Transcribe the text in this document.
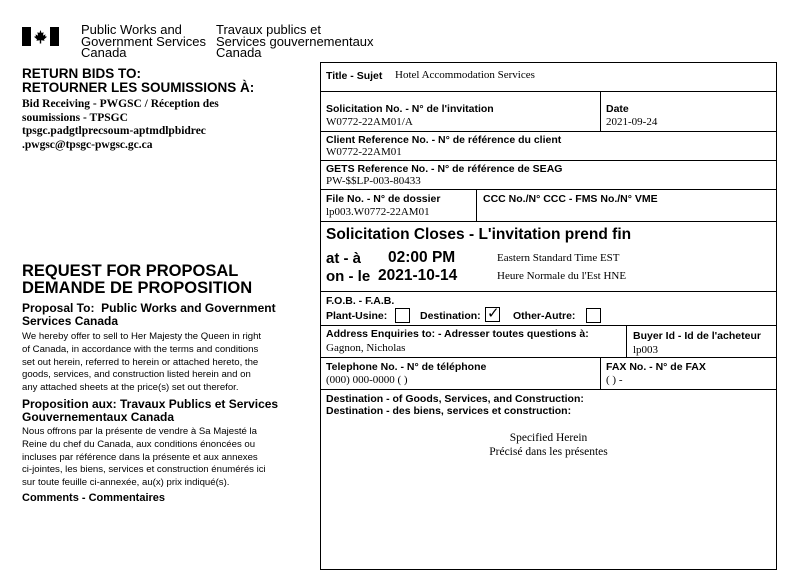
Public Works and
Government Services
Canada
Travaux publics et
Services gouvernementaux
Canada
RETURN BIDS TO:
RETOURNER LES SOUMISSIONS À:
Bid Receiving - PWGSC / Réception des
soumissions - TPSGC
tpsgc.padgtlprecsoum-aptmdlpbidrec
.pwgsc@tpsgc-pwgsc.gc.ca
REQUEST FOR PROPOSAL
DEMANDE DE PROPOSITION
Proposal To: Public Works and Government
Services Canada
We hereby offer to sell to Her Majesty the Queen in right of Canada, in accordance with the terms and conditions set out herein, referred to herein or attached hereto, the goods, services, and construction listed herein and on any attached sheets at the price(s) set out therefor.
Proposition aux: Travaux Publics et Services
Gouvernementaux Canada
Nous offrons par la présente de vendre à Sa Majesté la Reine du chef du Canada, aux conditions énoncées ou incluses par référence dans la présente et aux annexes ci-jointes, les biens, services et construction énumérés ici sur toute feuille ci-annexée, au(x) prix indiqué(s).
Comments - Commentaires
Title - Sujet Hotel Accommodation Services
Solicitation No. - N° de l'invitation
W0772-22AM01/A
Date
2021-09-24
Client Reference No. - N° de référence du client
W0772-22AM01
GETS Reference No. - N° de référence de SEAG
PW-$$LP-003-80433
File No. - N° de dossier
lp003.W0772-22AM01
CCC No./N° CCC - FMS No./N° VME
Solicitation Closes - L'invitation prend fin
at - à 02:00 PM
on - le 2021-10-14
Eastern Standard Time EST
Heure Normale du l'Est HNE
F.O.B. - F.A.B.
Plant-Usine:	Destination: ✓ Other-Autre:
Address Enquiries to: - Adresser toutes questions à:
Gagnon, Nicholas
Buyer Id - Id de l'acheteur
lp003
Telephone No. - N° de téléphone
(000) 000-0000 ( )
FAX No. - N° de FAX
( ) -
Destination - of Goods, Services, and Construction:
Destination - des biens, services et construction:
Specified Herein
Précisé dans les présentes
